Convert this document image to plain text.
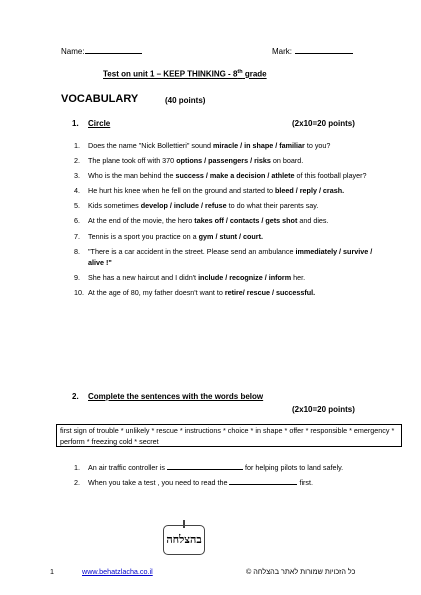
Name:	Mark:
Test on unit 1 – KEEP THINKING - 8th grade
VOCABULARY	(40 points)
1. Circle	(2x10=20 points)
1. Does the name "Nick Bollettieri" sound miracle / in shape / familiar to you?
2. The plane took off with 370 options / passengers / risks on board.
3. Who is the man behind the success / make a decision / athlete of this football player?
4. He hurt his knee when he fell on the ground and started to bleed / reply / crash.
5. Kids sometimes develop / include / refuse to do what their parents say.
6. At the end of the movie, the hero takes off / contacts / gets shot and dies.
7. Tennis is a sport you practice on a gym / stunt / court.
8. "There is a car accident in the street. Please send an ambulance immediately / survive / alive !"
9. She has a new haircut and I didn't include / recognize / inform her.
10. At the age of 80, my father doesn't want to retire/ rescue / successful.
2. Complete the sentences with the words below
(2x10=20 points)
first sign of trouble * unlikely * rescue * instructions * choice * in shape * offer * responsible * emergency * perform * freezing cold * secret
1. An air traffic controller is	for helping pilots to land safely.
2. When you take a test , you need to read the	first.
בהצלחה
1	www.behatzlacha.co.il	כל הזכויות שמורות לאתר בהצלחה ©
